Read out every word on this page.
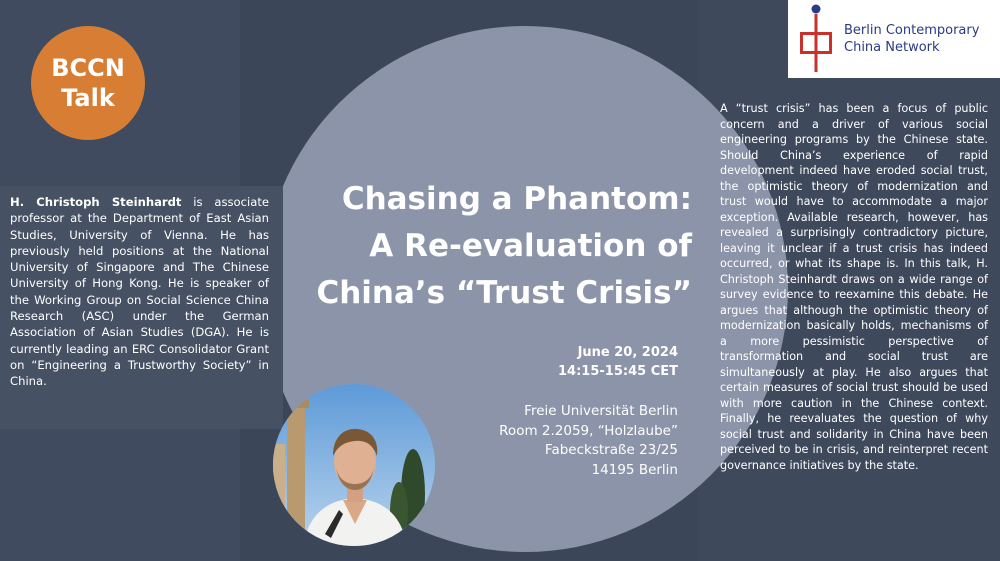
BCCN
Talk
H. Christoph Steinhardt is associate professor at the Department of East Asian Studies, University of Vienna. He has previously held positions at the National University of Singapore and The Chinese University of Hong Kong. He is speaker of the Working Group on Social Science China Research (ASC) under the German Association of Asian Studies (DGA). He is currently leading an ERC Consolidator Grant on “Engineering a Trustworthy Society” in China.
Berlin Contemporary
China Network
A “trust crisis” has been a focus of public concern and a driver of various social engineering programs by the Chinese state. Should China’s experience of rapid development indeed have eroded social trust, the optimistic theory of modernization and trust would have to accommodate a major exception. Available research, however, has revealed a surprisingly contradictory picture, leaving it unclear if a trust crisis has indeed occurred, or what its shape is. In this talk, H. Christoph Steinhardt draws on a wide range of survey evidence to reexamine this debate. He argues that although the optimistic theory of modernization basically holds, mechanisms of a more pessimistic perspective of transformation and social trust are simultaneously at play. He also argues that certain measures of social trust should be used with more caution in the Chinese context. Finally, he reevaluates the question of why social trust and solidarity in China have been perceived to be in crisis, and reinterpret recent governance initiatives by the state.
Chasing a Phantom:
A Re-evaluation of
China’s “Trust Crisis”
June 20, 2024
14:15-15:45 CET
Freie Universität Berlin
Room 2.2059, “Holzlaube”
Fabeckstraße 23/25
14195 Berlin
